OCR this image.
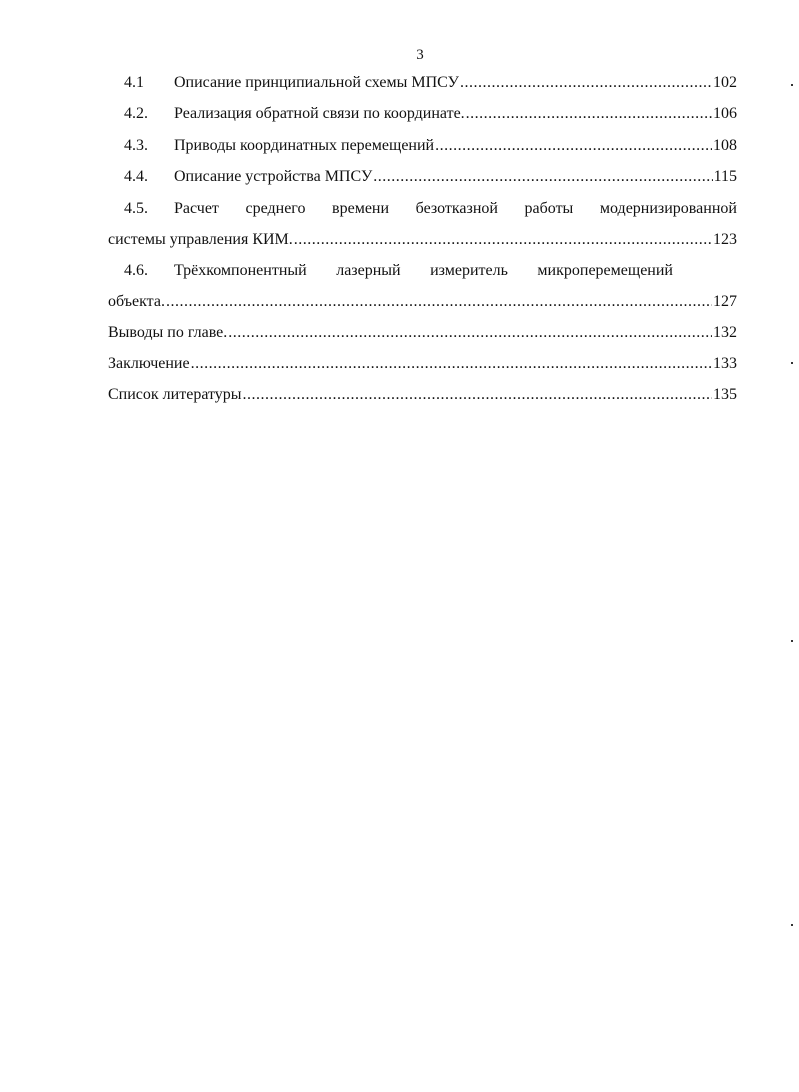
3
4.1	Описание принципиальной схемы МПСУ .....	102
4.2.	Реализация обратной связи по координате. .....	106
4.3.	Приводы координатных перемещений .....	108
4.4.	Описание устройства МПСУ .....	115
4.5.	Расчет среднего времени безотказной работы модернизированной
системы управления КИМ. .....	123
4.6.	Трёхкомпонентный лазерный измеритель микроперемещений
объекта. .....	127
Выводы по главе. .....	132
Заключение .....	133
Список литературы .....	135
